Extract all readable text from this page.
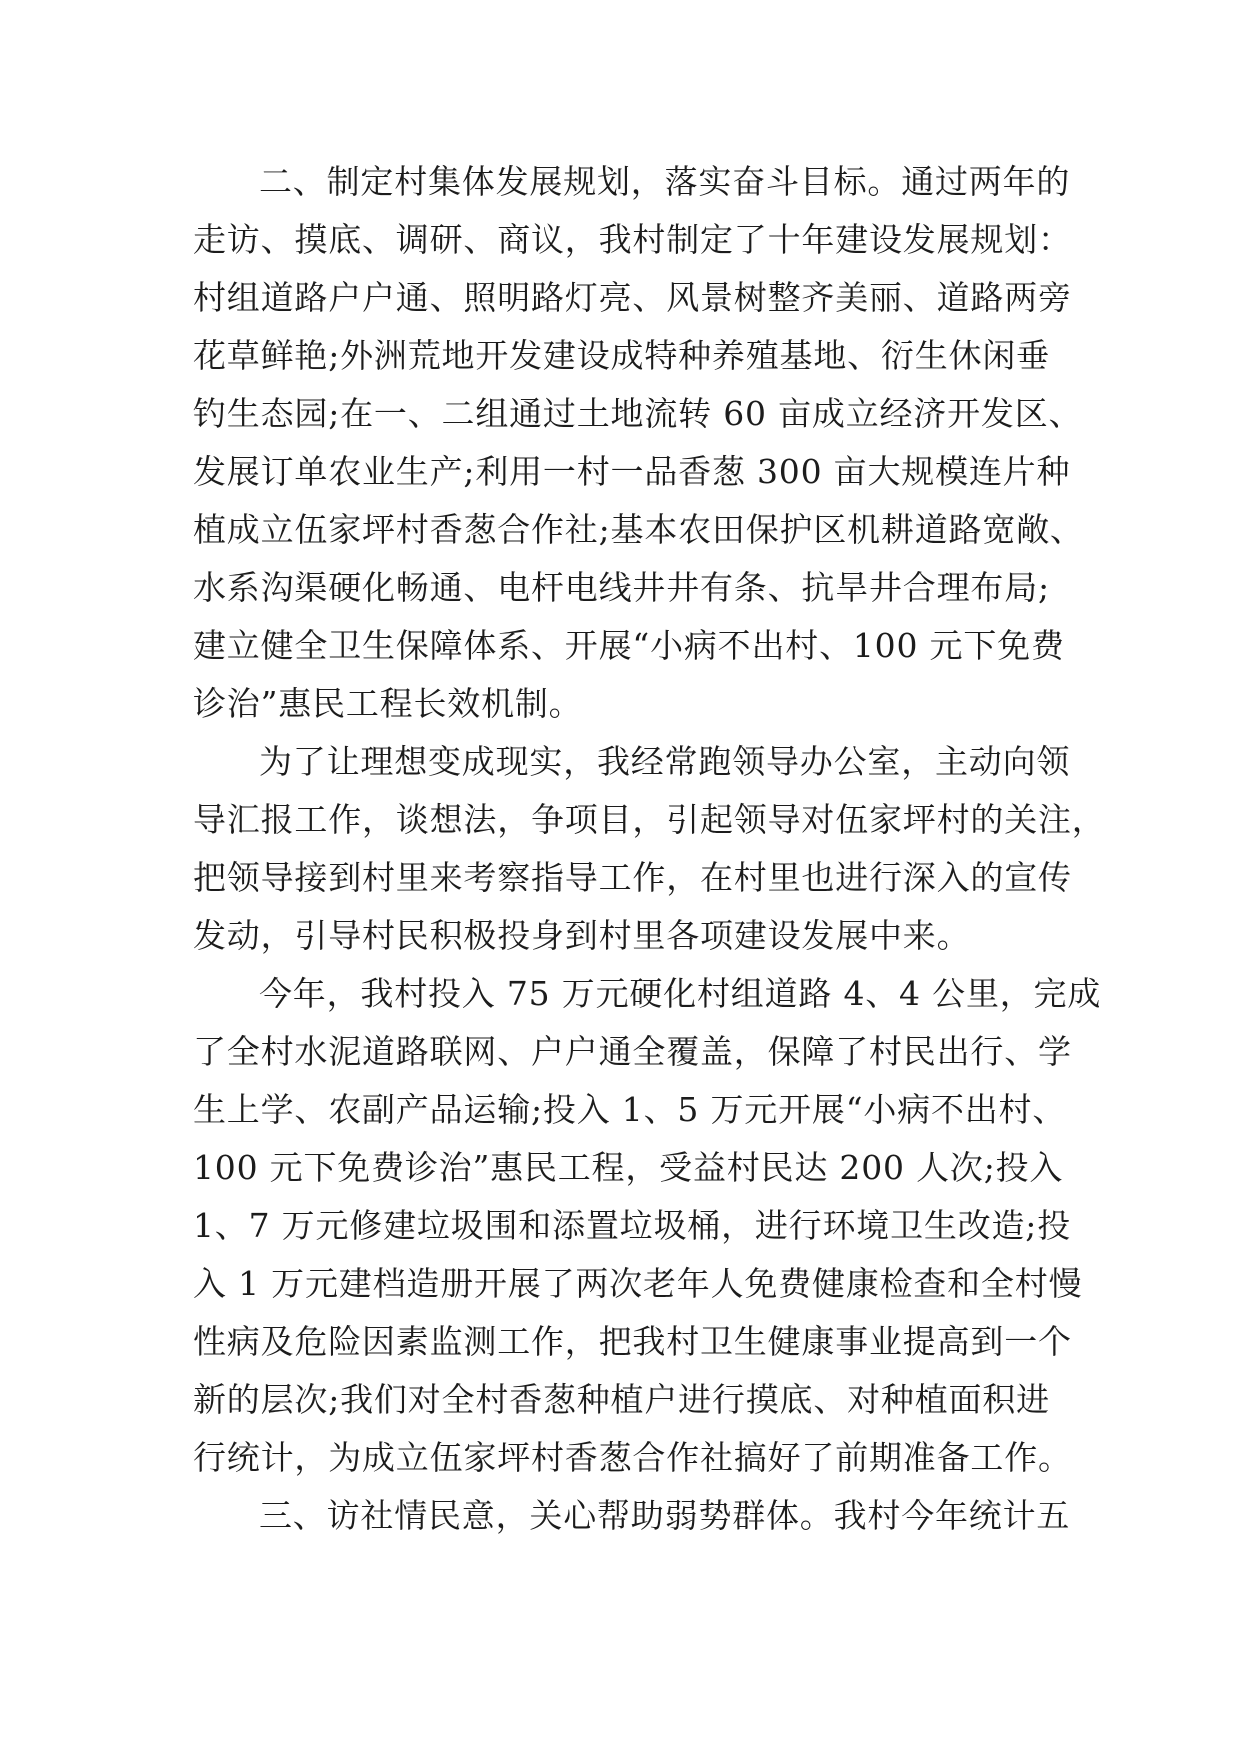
二、制定村集体发展规划，落实奋斗目标。通过两年的
走访、摸底、调研、商议，我村制定了十年建设发展规划：
村组道路户户通、照明路灯亮、风景树整齐美丽、道路两旁
花草鲜艳;外洲荒地开发建设成特种养殖基地、衍生休闲垂
钓生态园;在一、二组通过土地流转 60 亩成立经济开发区、
发展订单农业生产;利用一村一品香葱 300 亩大规模连片种
植成立伍家坪村香葱合作社;基本农田保护区机耕道路宽敞、
水系沟渠硬化畅通、电杆电线井井有条、抗旱井合理布局;
建立健全卫生保障体系、开展“小病不出村、100 元下免费
诊治”惠民工程长效机制。
为了让理想变成现实，我经常跑领导办公室，主动向领
导汇报工作，谈想法，争项目，引起领导对伍家坪村的关注，
把领导接到村里来考察指导工作，在村里也进行深入的宣传
发动，引导村民积极投身到村里各项建设发展中来。
今年，我村投入 75 万元硬化村组道路 4、4 公里，完成
了全村水泥道路联网、户户通全覆盖，保障了村民出行、学
生上学、农副产品运输;投入 1、5 万元开展“小病不出村、
100 元下免费诊治”惠民工程，受益村民达 200 人次;投入
1、7 万元修建垃圾围和添置垃圾桶，进行环境卫生改造;投
入 1 万元建档造册开展了两次老年人免费健康检查和全村慢
性病及危险因素监测工作，把我村卫生健康事业提高到一个
新的层次;我们对全村香葱种植户进行摸底、对种植面积进
行统计，为成立伍家坪村香葱合作社搞好了前期准备工作。
三、访社情民意，关心帮助弱势群体。我村今年统计五
